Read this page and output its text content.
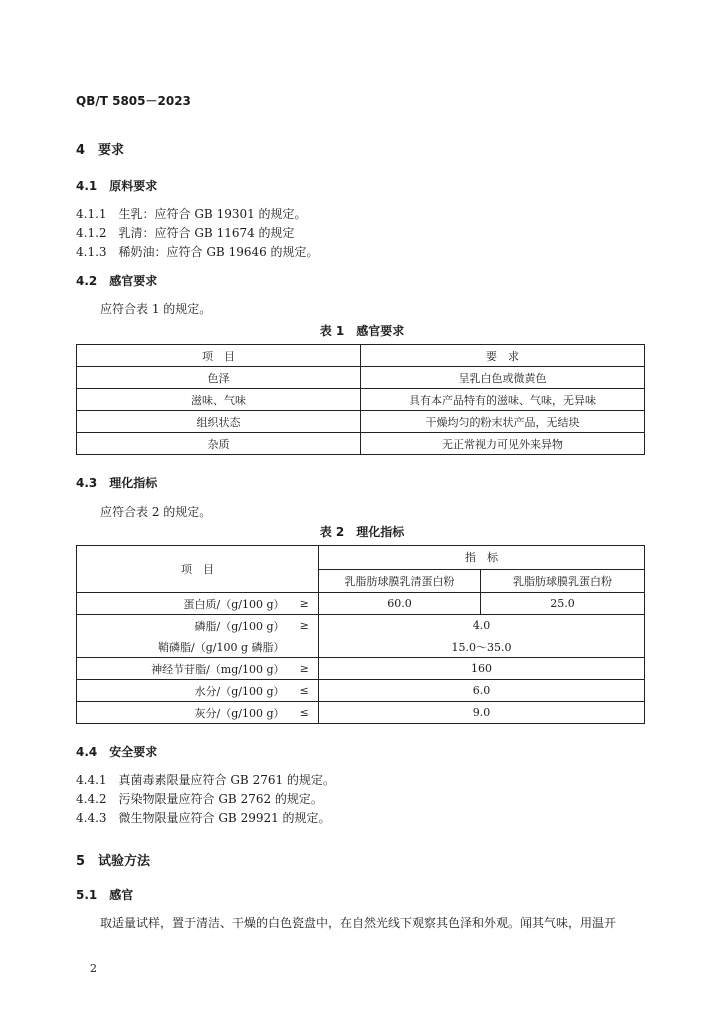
QB/T 5805－2023
4　要求
4.1　原料要求
4.1.1　生乳：应符合 GB 19301 的规定。
4.1.2　乳清：应符合 GB 11674 的规定
4.1.3　稀奶油：应符合 GB 19646 的规定。
4.2　感官要求
应符合表 1 的规定。
表 1　感官要求
项　目	要　求
色泽	呈乳白色或微黄色
滋味、气味	具有本产品特有的滋味、气味，无异味
组织状态	干燥均匀的粉末状产品，无结块
杂质	无正常视力可见外来异物
4.3　理化指标
应符合表 2 的规定。
表 2　理化指标
项　目		指　标	
		乳脂肪球膜乳清蛋白粉	乳脂肪球膜乳蛋白粉
蛋白质/（g/100 g）	≥	60.0	25.0
磷脂/（g/100 g）	≥	4.0	
鞘磷脂/（g/100 g 磷脂）		15.0～35.0	
神经节苷脂/（mg/100 g）	≥	160	
水分/（g/100 g）	≤	6.0	
灰分/（g/100 g）	≤	9.0	
4.4　安全要求
4.4.1　真菌毒素限量应符合 GB 2761 的规定。
4.4.2　污染物限量应符合 GB 2762 的规定。
4.4.3　微生物限量应符合 GB 29921 的规定。
5　试验方法
5.1　感官
取适量试样，置于清洁、干燥的白色瓷盘中，在自然光线下观察其色泽和外观。闻其气味，用温开
2
